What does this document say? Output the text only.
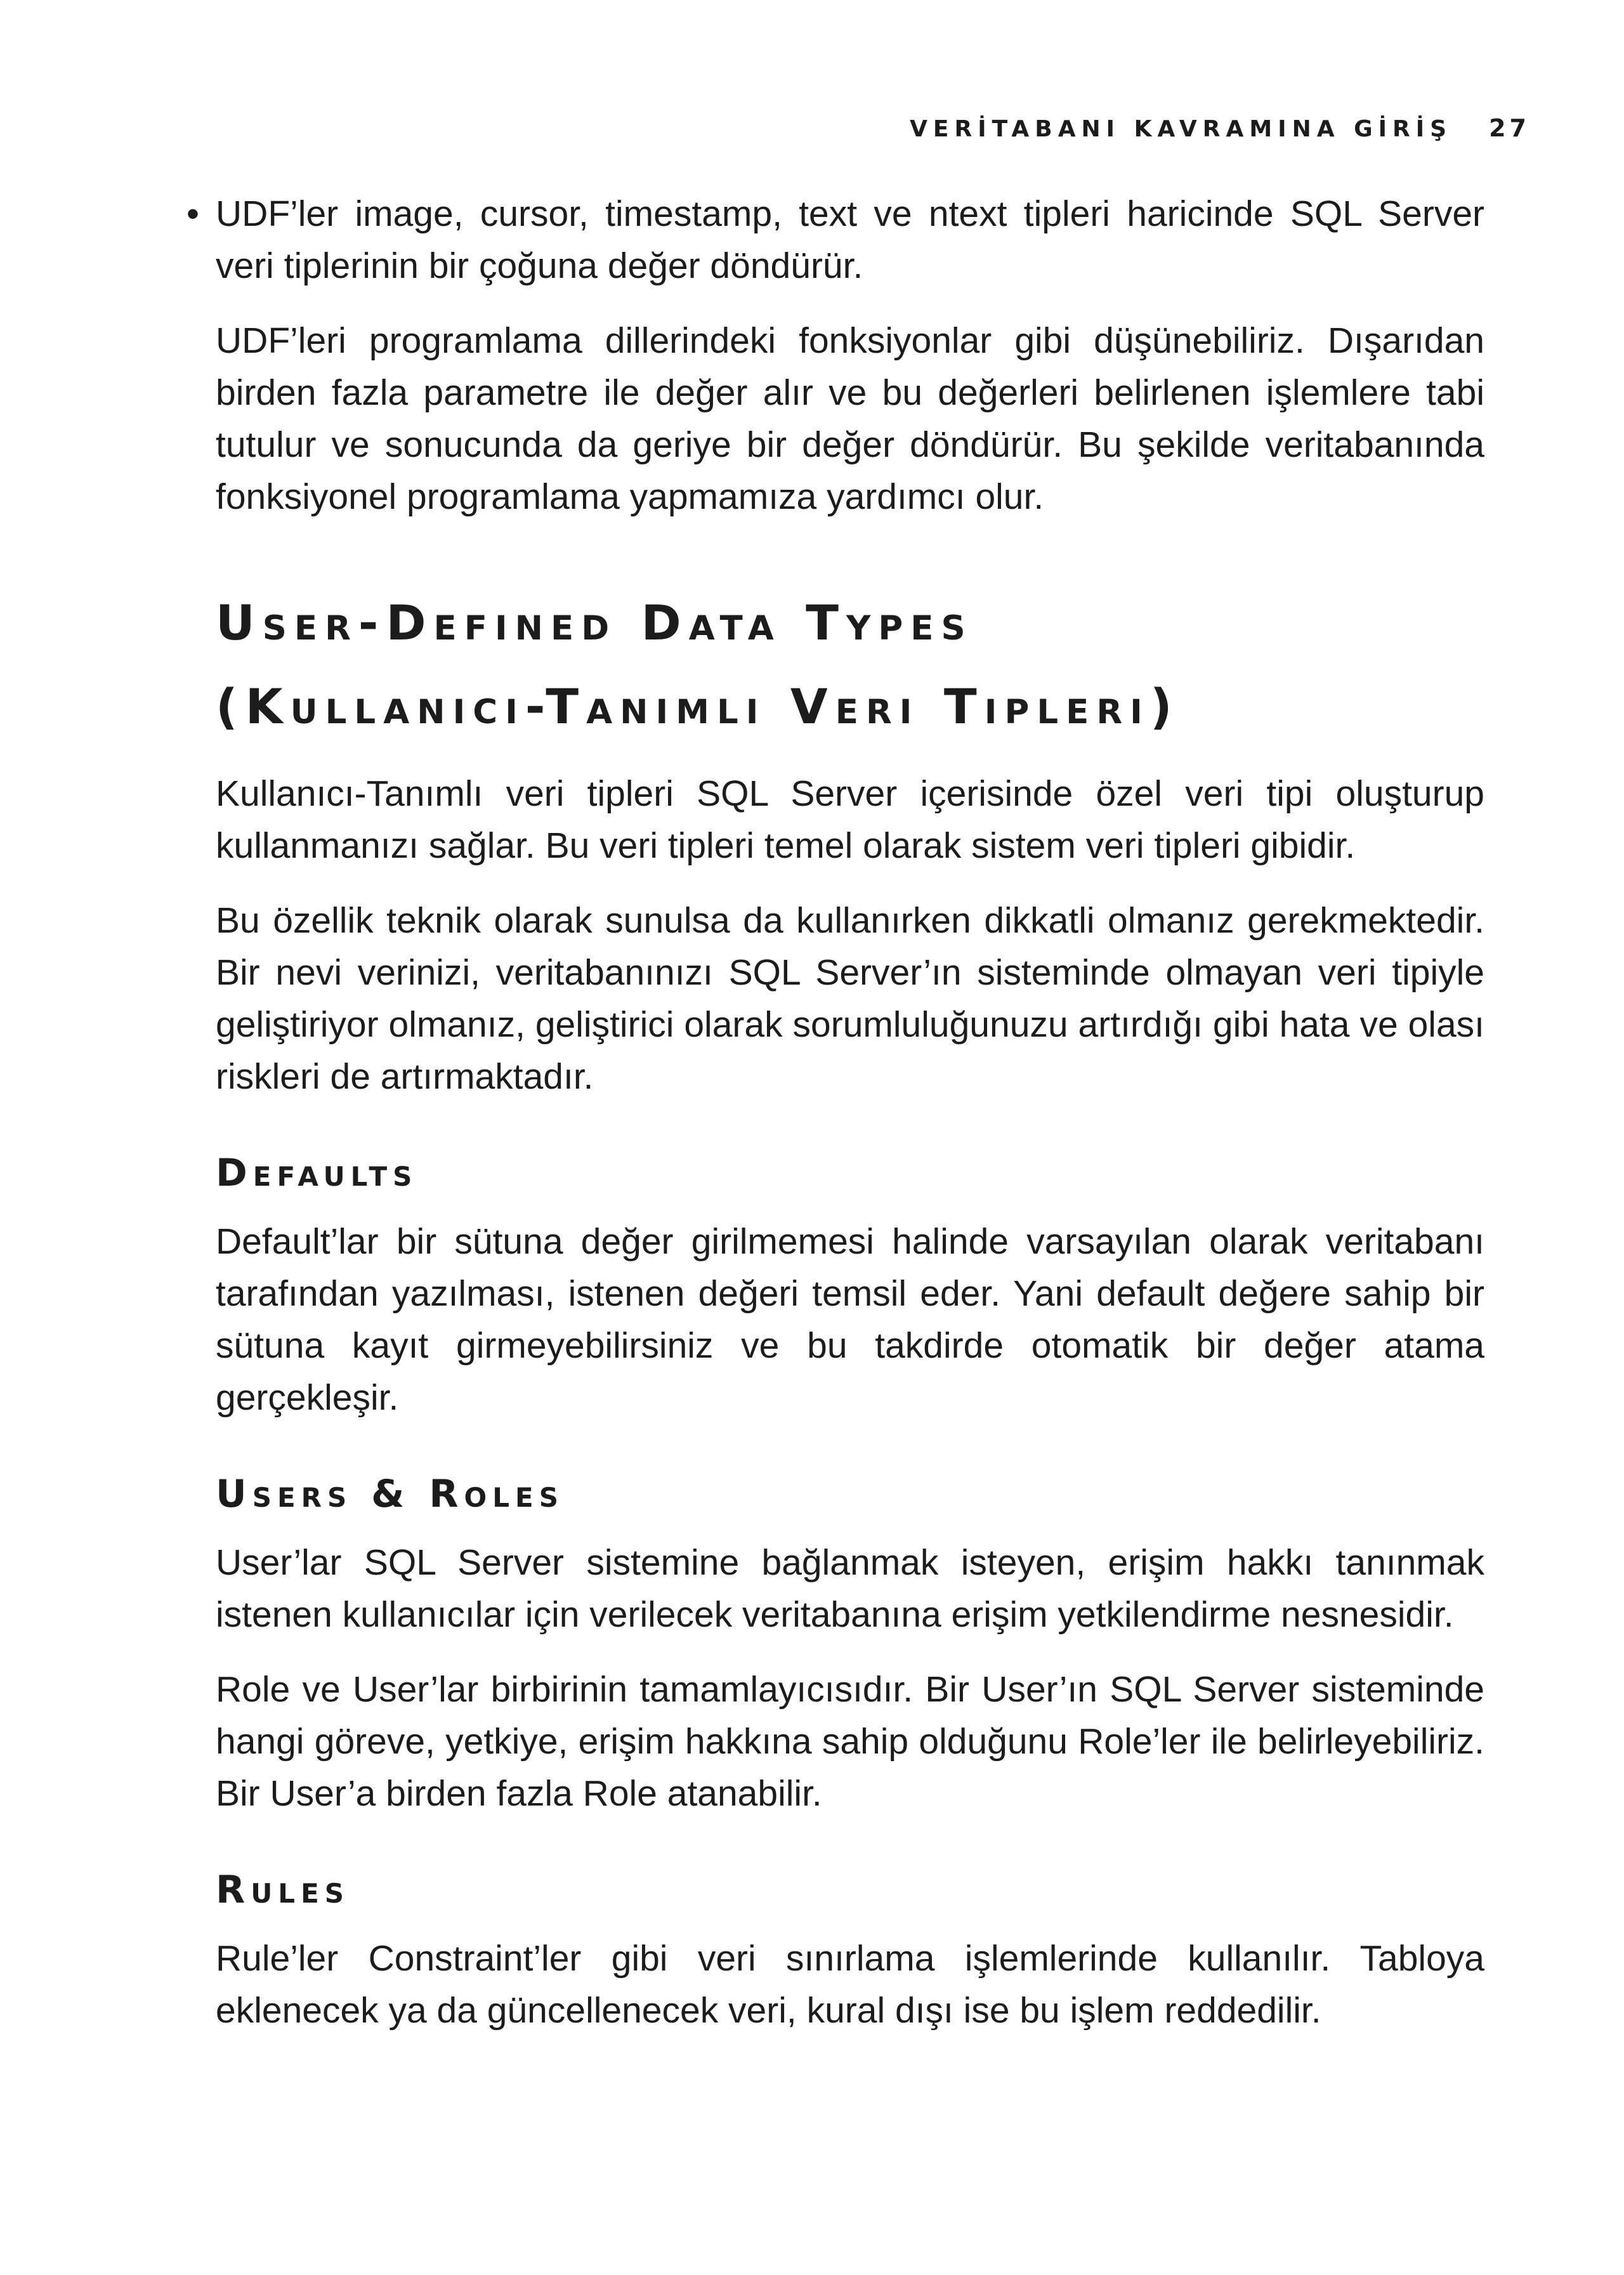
VERİTABANI KAVRAMINA GİRİŞ 27
• UDF’ler image, cursor, timestamp, text ve ntext tipleri haricinde SQL Server veri tiplerinin bir çoğuna değer döndürür.

UDF’leri programlama dillerindeki fonksiyonlar gibi düşünebiliriz. Dışarıdan birden fazla parametre ile değer alır ve bu değerleri belirlenen işlemlere tabi tutulur ve sonucunda da geriye bir değer döndürür. Bu şekilde veritabanında fonksiyonel programlama yapmamıza yardımcı olur.

User-Defined Data Types
(Kullanıcı-Tanımlı Veri Tipleri)

Kullanıcı-Tanımlı veri tipleri SQL Server içerisinde özel veri tipi oluşturup kullanmanızı sağlar. Bu veri tipleri temel olarak sistem veri tipleri gibidir.

Bu özellik teknik olarak sunulsa da kullanırken dikkatli olmanız gerekmektedir. Bir nevi verinizi, veritabanınızı SQL Server’ın sisteminde olmayan veri tipiyle geliştiriyor olmanız, geliştirici olarak sorumluluğunuzu artırdığı gibi hata ve olası riskleri de artırmaktadır.

Defaults

Default’lar bir sütuna değer girilmemesi halinde varsayılan olarak veritabanı tarafından yazılması, istenen değeri temsil eder. Yani default değere sahip bir sütuna kayıt girmeyebilirsiniz ve bu takdirde otomatik bir değer atama gerçekleşir.

Users & Roles

User’lar SQL Server sistemine bağlanmak isteyen, erişim hakkı tanınmak istenen kullanıcılar için verilecek veritabanına erişim yetkilendirme nesnesidir.

Role ve User’lar birbirinin tamamlayıcısıdır. Bir User’ın SQL Server sisteminde hangi göreve, yetkiye, erişim hakkına sahip olduğunu Role’ler ile belirleyebiliriz. Bir User’a birden fazla Role atanabilir.

Rules

Rule’ler Constraint’ler gibi veri sınırlama işlemlerinde kullanılır. Tabloya eklenecek ya da güncellenecek veri, kural dışı ise bu işlem reddedilir.
